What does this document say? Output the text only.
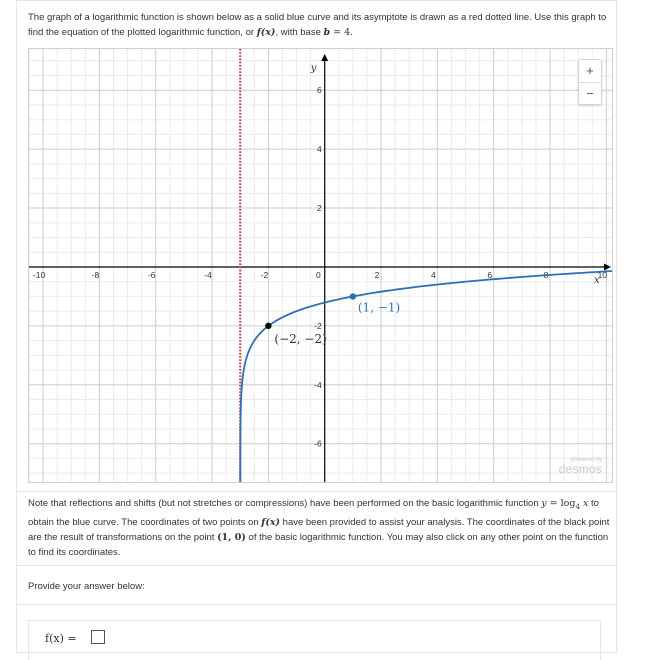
The graph of a logarithmic function is shown below as a solid blue curve and its asymptote is drawn as a red dotted line. Use this graph to find the equation of the plotted logarithmic function, or f(x), with base b = 4.
-10	-8	-6	-4	-2	0	2	4	6	8	10
6
4
2
-2
-4
-6
x
y
(−2, −2)
(1, −1)
+
−
powered by
desmos
Note that reflections and shifts (but not stretches or compressions) have been performed on the basic logarithmic function $y = \log_4 x$ to obtain the blue curve. The coordinates of two points on f(x) have been provided to assist your analysis. The coordinates of the black point are the result of transformations on the point (1, 0) of the basic logarithmic function. You may also click on any other point on the function to find its coordinates.
Provide your answer below:
f(x) =
